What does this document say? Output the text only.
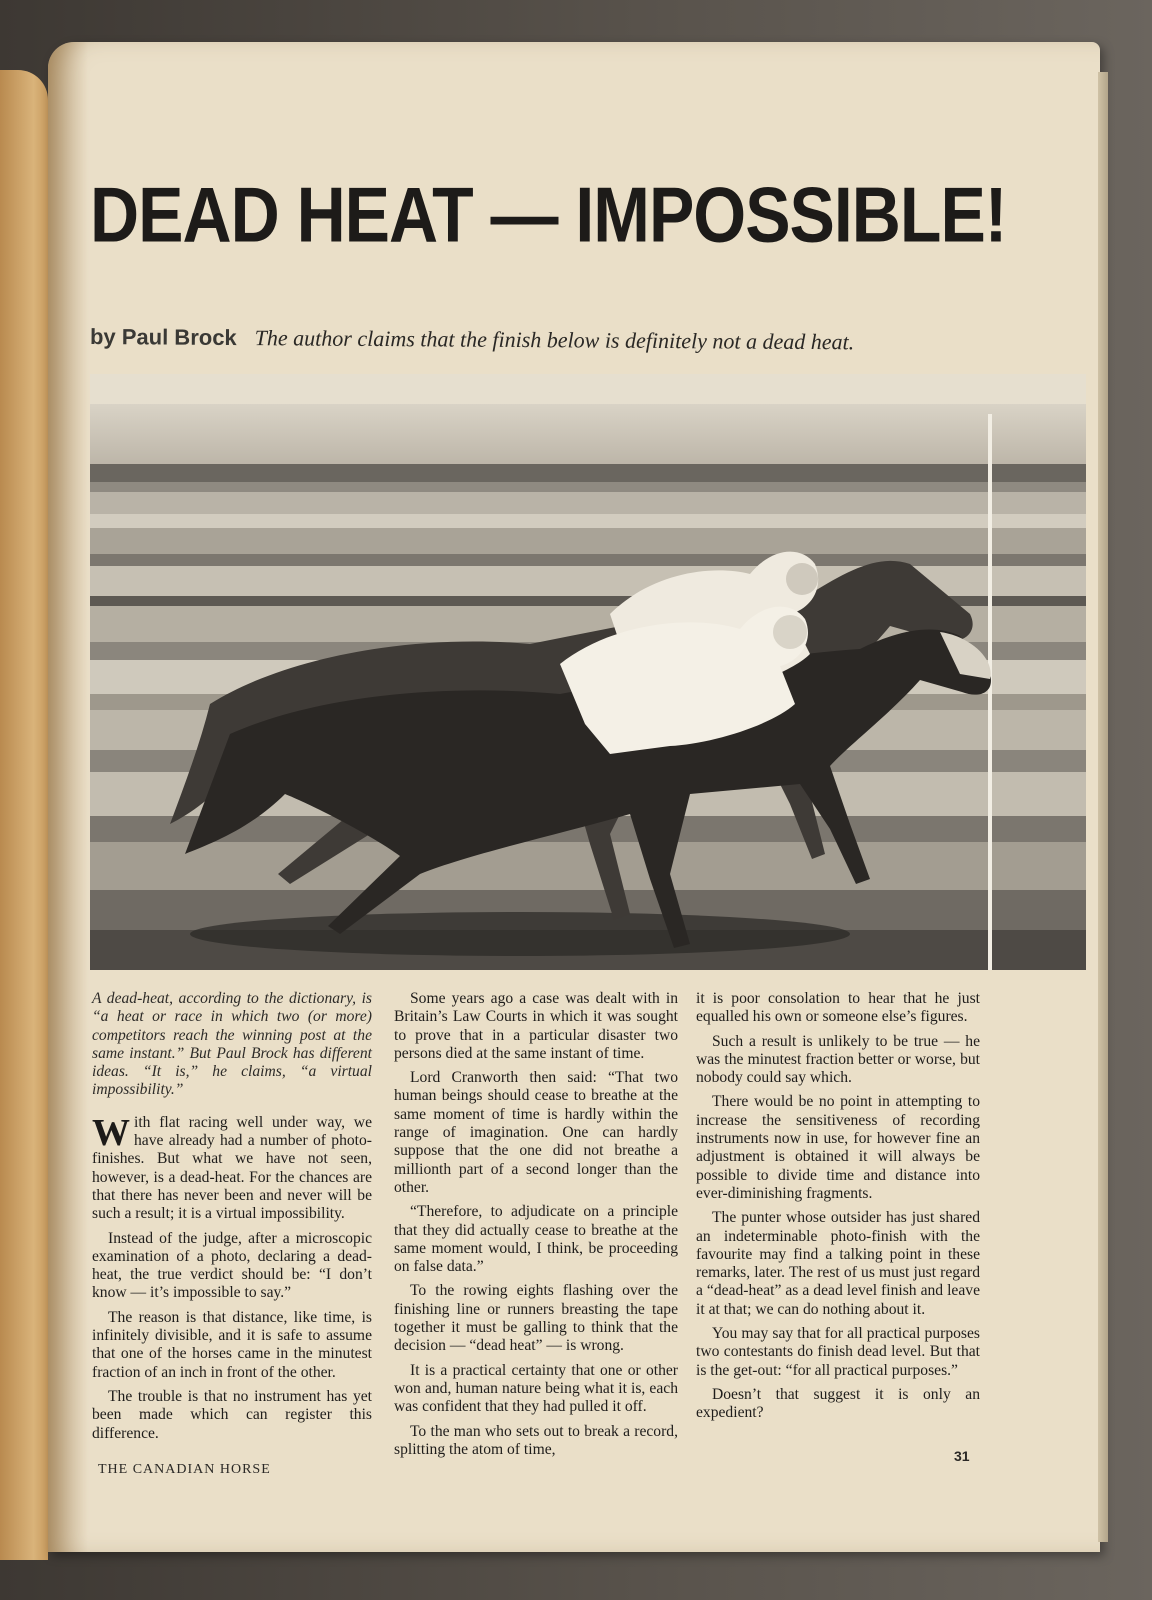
DEAD HEAT — IMPOSSIBLE!
by Paul Brock The author claims that the finish below is definitely not a dead heat.

A dead-heat, according to the dictionary, is “a heat or race in which two (or more) competitors reach the winning post at the same instant.” But Paul Brock has different ideas. “It is,” he claims, “a virtual impossibility.”

With flat racing well under way, we have already had a number of photo-finishes. But what we have not seen, however, is a dead-heat. For the chances are that there has never been and never will be such a result; it is a virtual impossibility.

Instead of the judge, after a microscopic examination of a photo, declaring a dead-heat, the true verdict should be: “I don’t know — it’s impossible to say.”

The reason is that distance, like time, is infinitely divisible, and it is safe to assume that one of the horses came in the minutest fraction of an inch in front of the other.

The trouble is that no instrument has yet been made which can register this difference.

Some years ago a case was dealt with in Britain’s Law Courts in which it was sought to prove that in a particular disaster two persons died at the same instant of time.

Lord Cranworth then said: “That two human beings should cease to breathe at the same moment of time is hardly within the range of imagination. One can hardly suppose that the one did not breathe a millionth part of a second longer than the other.

“Therefore, to adjudicate on a principle that they did actually cease to breathe at the same moment would, I think, be proceeding on false data.”

To the rowing eights flashing over the finishing line or runners breasting the tape together it must be galling to think that the decision — “dead heat” — is wrong.

It is a practical certainty that one or other won and, human nature being what it is, each was confident that they had pulled it off.

To the man who sets out to break a record, splitting the atom of time,

it is poor consolation to hear that he just equalled his own or someone else’s figures.

Such a result is unlikely to be true — he was the minutest fraction better or worse, but nobody could say which.

There would be no point in attempting to increase the sensitiveness of recording instruments now in use, for however fine an adjustment is obtained it will always be possible to divide time and distance into ever-diminishing fragments.

The punter whose outsider has just shared an indeterminable photo-finish with the favourite may find a talking point in these remarks, later. The rest of us must just regard a “dead-heat” as a dead level finish and leave it at that; we can do nothing about it.

You may say that for all practical purposes two contestants do finish dead level. But that is the get-out: “for all practical purposes.”

Doesn’t that suggest it is only an expedient?

THE CANADIAN HORSE
31
